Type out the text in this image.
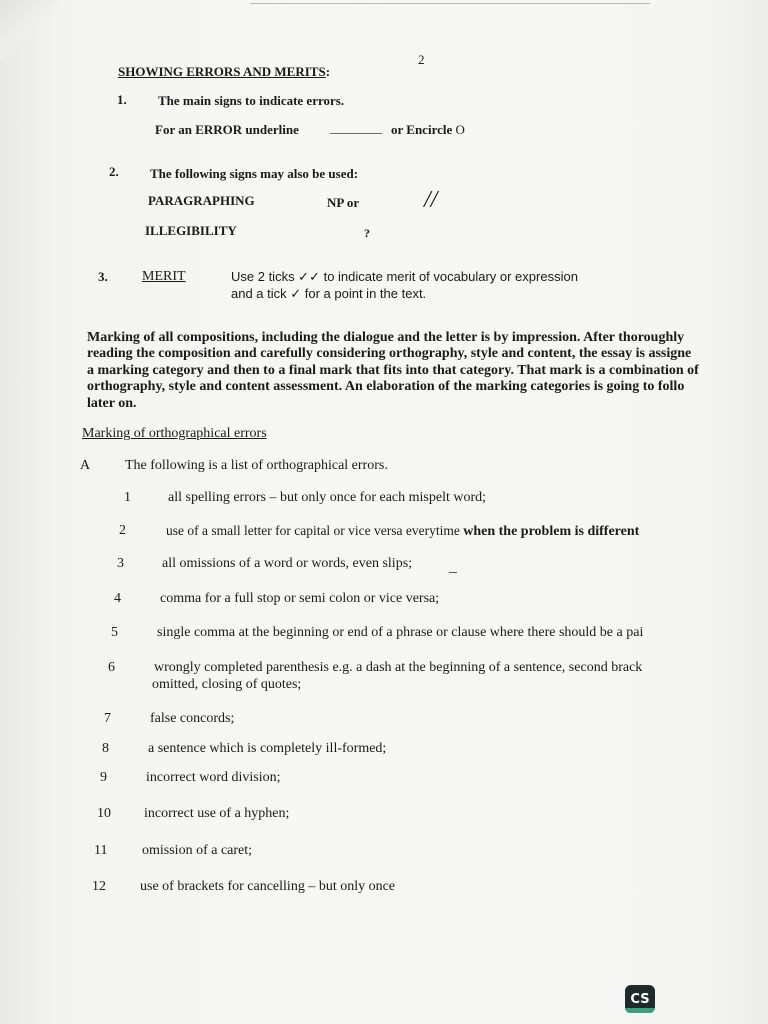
2
SHOWING ERRORS AND MERITS:
1. The main signs to indicate errors.
For an ERROR underline ________ or Encircle O
2. The following signs may also be used:
PARAGRAPHING	NP or	//
ILLEGIBILITY	?
3. MERIT	Use 2 ticks ✓✓ to indicate merit of vocabulary or expression
and a tick ✓ for a point in the text.
Marking of all compositions, including the dialogue and the letter is by impression. After thoroughly
reading the composition and carefully considering orthography, style and content, the essay is assigne
a marking category and then to a final mark that fits into that category. That mark is a combination of
orthography, style and content assessment. An elaboration of the marking categories is going to follo
later on.
Marking of orthographical errors
A The following is a list of orthographical errors.
1	all spelling errors – but only once for each mispelt word;
2	use of a small letter for capital or vice versa everytime when the problem is different
3	all omissions of a word or words, even slips;
4	comma for a full stop or semi colon or vice versa;
5	single comma at the beginning or end of a phrase or clause where there should be a pai
6	wrongly completed parenthesis e.g. a dash at the beginning of a sentence, second brack
omitted, closing of quotes;
7	false concords;
8	a sentence which is completely ill-formed;
9	incorrect word division;
10 incorrect use of a hyphen;
11 omission of a caret;
12 use of brackets for cancelling – but only once
CS
